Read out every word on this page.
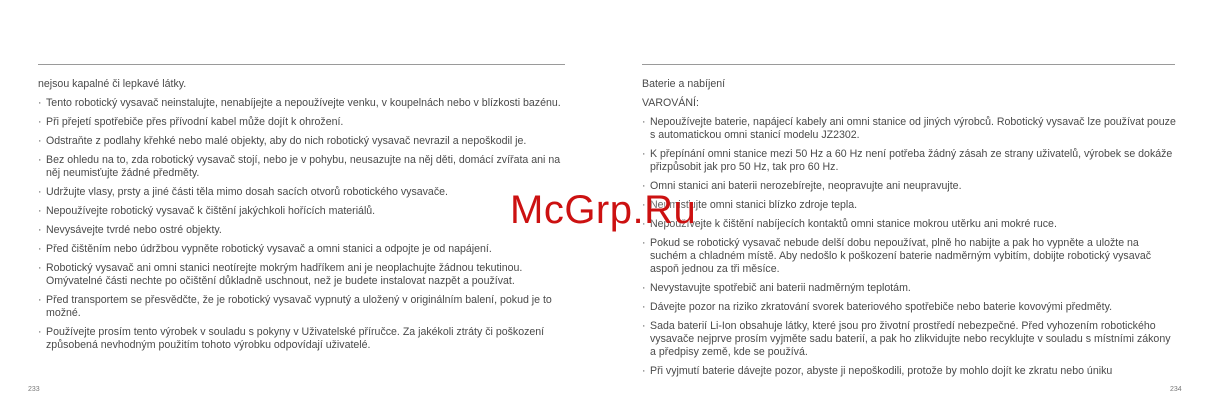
nejsou kapalné či lepkavé látky.

· Tento robotický vysavač neinstalujte, nenabíjejte a nepoužívejte venku, v koupelnách nebo v blízkosti bazénu.

· Při přejetí spotřebiče přes přívodní kabel může dojít k ohrožení.

· Odstraňte z podlahy křehké nebo malé objekty, aby do nich robotický vysavač nevrazil a nepoškodil je.

· Bez ohledu na to, zda robotický vysavač stojí, nebo je v pohybu, neusazujte na něj děti, domácí zvířata ani na něj neumisťujte žádné předměty.

· Udržujte vlasy, prsty a jiné části těla mimo dosah sacích otvorů robotického vysavače.

· Nepoužívejte robotický vysavač k čištění jakýchkoli hořících materiálů.

· Nevysávejte tvrdé nebo ostré objekty.

· Před čištěním nebo údržbou vypněte robotický vysavač a omni stanici a odpojte je od napájení.

· Robotický vysavač ani omni stanici neotírejte mokrým hadříkem ani je neoplachujte žádnou tekutinou. Omývatelné části nechte po očištění důkladně uschnout, než je budete instalovat nazpět a používat.

· Před transportem se přesvědčte, že je robotický vysavač vypnutý a uložený v originálním balení, pokud je to možné.

· Používejte prosím tento výrobek v souladu s pokyny v Uživatelské příručce. Za jakékoli ztráty či poškození způsobená nevhodným použitím tohoto výrobku odpovídají uživatelé.

233

Baterie a nabíjení

VAROVÁNÍ:

· Nepoužívejte baterie, napájecí kabely ani omni stanice od jiných výrobců. Robotický vysavač lze používat pouze s automatickou omni stanicí modelu JZ2302.

· K přepínání omni stanice mezi 50 Hz a 60 Hz není potřeba žádný zásah ze strany uživatelů, výrobek se dokáže přizpůsobit jak pro 50 Hz, tak pro 60 Hz.

· Omni stanici ani baterii nerozebírejte, neopravujte ani neupravujte.

· Neumisťujte omni stanici blízko zdroje tepla.

· Nepoužívejte k čištění nabíjecích kontaktů omni stanice mokrou utěrku ani mokré ruce.

· Pokud se robotický vysavač nebude delší dobu nepoužívat, plně ho nabijte a pak ho vypněte a uložte na suchém a chladném místě. Aby nedošlo k poškození baterie nadměrným vybitím, dobijte robotický vysavač aspoň jednou za tři měsíce.

· Nevystavujte spotřebič ani baterii nadměrným teplotám.

· Dávejte pozor na riziko zkratování svorek bateriového spotřebiče nebo baterie kovovými předměty.

· Sada baterií Li-Ion obsahuje látky, které jsou pro životní prostředí nebezpečné. Před vyhozením robotického vysavače nejprve prosím vyjměte sadu baterií, a pak ho zlikvidujte nebo recyklujte v souladu s místními zákony a předpisy země, kde se používá.

· Při vyjmutí baterie dávejte pozor, abyste ji nepoškodili, protože by mohlo dojít ke zkratu nebo úniku

234
McGrp.Ru
